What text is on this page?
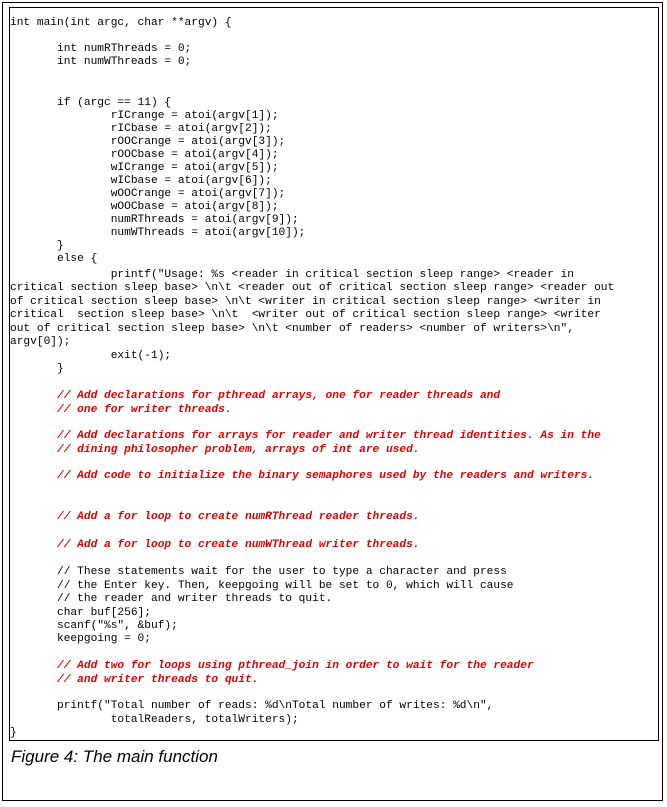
int main(int argc, char **argv) {
int numRThreads = 0;
int numWThreads = 0;
if (argc == 11) {
rICrange = atoi(argv[1]);
rICbase = atoi(argv[2]);
rOOCrange = atoi(argv[3]);
rOOCbase = atoi(argv[4]);
wICrange = atoi(argv[5]);
wICbase = atoi(argv[6]);
wOOCrange = atoi(argv[7]);
wOOCbase = atoi(argv[8]);
numRThreads = atoi(argv[9]);
numWThreads = atoi(argv[10]);
}
else {
printf("Usage: %s <reader in critical section sleep range> <reader in
critical section sleep base> \n\t <reader out of critical section sleep range> <reader out
of critical section sleep base> \n\t <writer in critical section sleep range> <writer in
critical  section sleep base> \n\t  <writer out of critical section sleep range> <writer
out of critical section sleep base> \n\t <number of readers> <number of writers>\n",
argv[0]);
exit(-1);
}
// Add declarations for pthread arrays, one for reader threads and
// one for writer threads.
// Add declarations for arrays for reader and writer thread identities. As in the
// dining philosopher problem, arrays of int are used.
// Add code to initialize the binary semaphores used by the readers and writers.
// Add a for loop to create numRThread reader threads.
// Add a for loop to create numWThread writer threads.
// These statements wait for the user to type a character and press
// the Enter key. Then, keepgoing will be set to 0, which will cause
// the reader and writer threads to quit.
char buf[256];
scanf("%s", &buf);
keepgoing = 0;
// Add two for loops using pthread_join in order to wait for the reader
// and writer threads to quit.
printf("Total number of reads: %d\nTotal number of writes: %d\n",
totalReaders, totalWriters);
}
Figure 4: The main function
